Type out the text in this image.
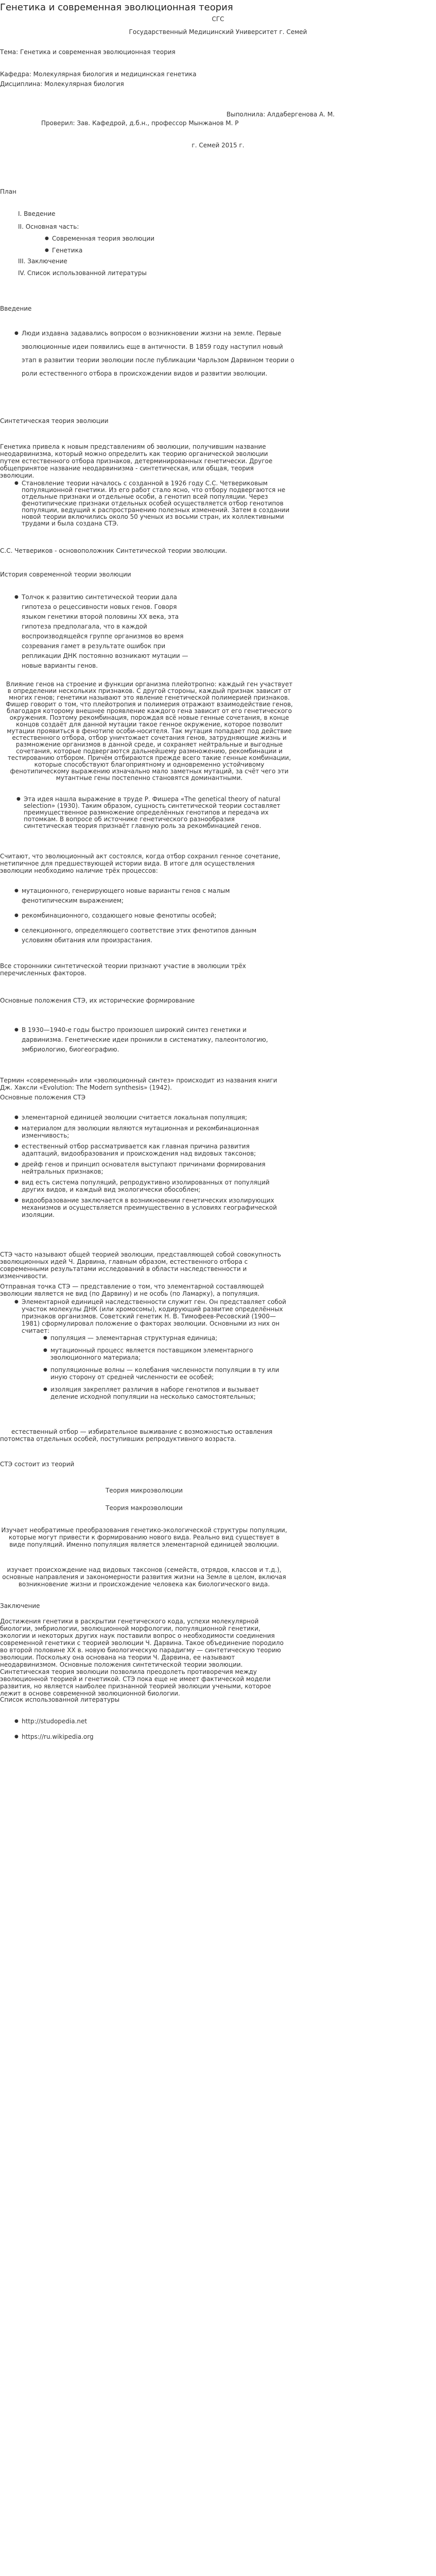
Генетика и современная эволюционная теория
СГС
Государственный Медицинский Университет г. Семей
Тема: Генетика и современная эволюционная теория
Кафедра: Молекулярная биология и медицинская генетика
Дисциплина: Молекулярная биология
Выполнила: Алдабергенова А. М.
Проверил: Зав. Кафедрой, д.б.н., профессор Мынжанов М. Р
г. Семей 2015 г.
План
I. Введение
II. Основная часть:
● Современная теория эволюции
● Генетика
III. Заключение
IV. Список использованной литературы
Введение
● Люди издавна задавались вопросом о возникновении жизни на земле. Первые эволюционные идеи появились еще в античности. В 1859 году наступил новый этап в развитии теории эволюции после публикации Чарльзом Дарвином теории о роли естественного отбора в происхождении видов и развитии эволюции.
Синтетическая теория эволюции
Генетика привела к новым представлениям об эволюции, получившим название неодарвинизма, который можно определить как теорию органической эволюции путем естественного отбора признаков, детерминированных генетически. Другое общепринятое название неодарвинизма - синтетическая, или общая, теория эволюции.
● Становление теории началось с созданной в 1926 году С.С. Четвериковым популяционной генетики. Из его работ стало ясно, что отбору подвергаются не отдельные признаки и отдельные особи, а генотип всей популяции. Через фенотипические признаки отдельных особей осуществляется отбор генотипов популяции, ведущий к распространению полезных изменений. Затем в создании новой теории включились около 50 ученых из восьми стран, их коллективными трудами и была создана СТЭ.
С.С. Четвериков - основоположник Синтетической теории эволюции.
История современной теории эволюции
● Толчок к развитию синтетической теории дала гипотеза о рецессивности новых генов. Говоря языком генетики второй половины XX века, эта гипотеза предполагала, что в каждой воспроизводящейся группе организмов во время созревания гамет в результате ошибок при репликации ДНК постоянно возникают мутации — новые варианты генов.
Влияние генов на строение и функции организма плейотропно: каждый ген участвует в определении нескольких признаков. С другой стороны, каждый признак зависит от многих генов; генетики называют это явление генетической полимерией признаков. Фишер говорит о том, что плейотропия и полимерия отражают взаимодействие генов, благодаря которому внешнее проявление каждого гена зависит от его генетического окружения. Поэтому рекомбинация, порождая всё новые генные сочетания, в конце концов создаёт для данной мутации такое генное окружение, которое позволит мутации проявиться в фенотипе особи-носителя. Так мутация попадает под действие естественного отбора, отбор уничтожает сочетания генов, затрудняющие жизнь и размножение организмов в данной среде, и сохраняет нейтральные и выгодные сочетания, которые подвергаются дальнейшему размножению, рекомбинации и тестированию отбором. Причём отбираются прежде всего такие генные комбинации, которые способствуют благоприятному и одновременно устойчивому фенотипическому выражению изначально мало заметных мутаций, за счёт чего эти мутантные гены постепенно становятся доминантными.
● Эта идея нашла выражение в труде Р. Фишера «The genetical theory of natural selection» (1930). Таким образом, сущность синтетической теории составляет преимущественное размножение определённых генотипов и передача их потомкам. В вопросе об источнике генетического разнообразия синтетическая теория признаёт главную роль за рекомбинацией генов.
Считают, что эволюционный акт состоялся, когда отбор сохранил генное сочетание, нетипичное для предшествующей истории вида. В итоге для осуществления эволюции необходимо наличие трёх процессов:
● мутационного, генерирующего новые варианты генов с малым фенотипическим выражением;
● рекомбинационного, создающего новые фенотипы особей;
● селекционного, определяющего соответствие этих фенотипов данным условиям обитания или произрастания.
Все сторонники синтетической теории признают участие в эволюции трёх перечисленных факторов.
Основные положения СТЭ, их исторические формирование
● В 1930—1940-е годы быстро произошел широкий синтез генетики и дарвинизма. Генетические идеи проникли в систематику, палеонтологию, эмбриологию, биогеографию.
Термин «современный» или «эволюционный синтез» происходит из названия книги Дж. Хаксли «Evolution: The Modern synthesis» (1942).
Основные положения СТЭ
● элементарной единицей эволюции считается локальная популяция;
● материалом для эволюции являются мутационная и рекомбинационная изменчивость;
● естественный отбор рассматривается как главная причина развития адаптаций, видообразования и происхождения над видовых таксонов;
● дрейф генов и принцип основателя выступают причинами формирования нейтральных признаков;
● вид есть система популяций, репродуктивно изолированных от популяций других видов, и каждый вид экологически обособлен;
● видообразование заключается в возникновении генетических изолирующих механизмов и осуществляется преимущественно в условиях географической изоляции.
СТЭ часто называют общей теорией эволюции, представляющей собой совокупность эволюционных идей Ч. Дарвина, главным образом, естественного отбора с современными результатами исследований в области наследственности и изменчивости.
Отправная точка СТЭ — представление о том, что элементарной составляющей эволюции является не вид (по Дарвину) и не особь (по Ламарку), а популяция.
● Элементарной единицей наследственности служит ген. Он представляет собой участок молекулы ДНК (или хромосомы), кодирующий развитие определённых признаков организмов. Советский генетик Н. В. Тимофеев-Ресовский (1900—1981) сформулировал положение о факторах эволюции. Основными из них он считает:
● популяция — элементарная структурная единица;
● мутационный процесс является поставщиком элементарного эволюционного материала;
● популяционные волны — колебания численности популяции в ту или иную сторону от средней численности ее особей;
● изоляция закрепляет различия в наборе генотипов и вызывает деление исходной популяции на несколько самостоятельных;
естественный отбор — избирательное выживание с возможностью оставления потомства отдельных особей, поступивших репродуктивного возраста.
СТЭ состоит из теорий
Теория микроэволюции
Теория макроэволюции
Изучает необратимые преобразования генетико-экологической структуры популяции, которые могут привести к формированию нового вида. Реально вид существует в виде популяций. Именно популяция является элементарной единицей эволюции.
изучает происхождение над видовых таксонов (семейств, отрядов, классов и т.д.), основные направления и закономерности развития жизни на Земле в целом, включая возникновение жизни и происхождение человека как биологического вида.
Заключение
Достижения генетики в раскрытии генетического кода, успехи молекулярной биологии, эмбриологии, эволюционной морфологии, популяционной генетики, экологии и некоторых других наук поставили вопрос о необходимости соединения современной генетики с теорией эволюции Ч. Дарвина. Такое объединение породило во второй половине XX в. новую биологическую парадигму — синтетическую теорию эволюции. Поскольку она основана на теории Ч. Дарвина, ее называют неодарвинизмом. Основные положения синтетической теории эволюции. Синтетическая теория эволюции позволила преодолеть противоречия между эволюционной теорией и генетикой. СТЭ пока еще не имеет фактической модели развития, но является наиболее признанной теорией эволюции учеными, которое лежит в основе современной эволюционной биологии.
Список использованной литературы
● http://studopedia.net
● https://ru.wikipedia.org
